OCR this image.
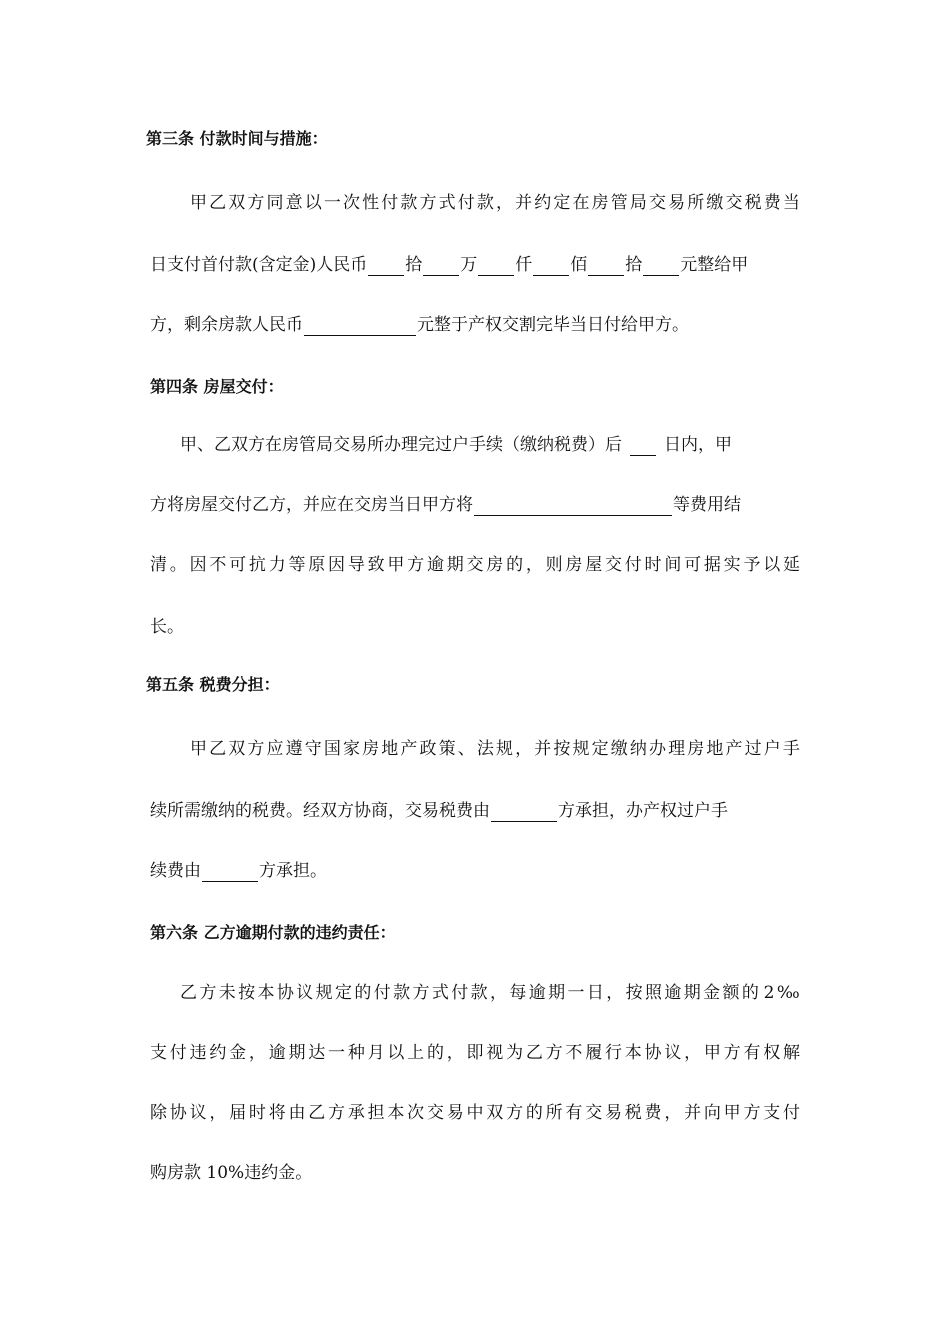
第三条 付款时间与措施：
甲 乙 双 方 同 意 以 一 次 性 付 款 方 式 付 款 ， 并 约 定 在 房 管 局 交 易 所 缴 交 税 费 当
日支付首付款(含定金)人民币 拾 万 仟 佰 拾 元整给甲
方，剩余房款人民币	元整于产权交割完毕当日付给甲方。
第四条 房屋交付：
甲、乙双方在房管局交易所办理完过户手续（缴纳税费）后 日内，甲
方将房屋交付乙方，并应在交房当日甲方将	等费用结
清 。 因 不 可 抗 力 等 原 因 导 致 甲 方 逾 期 交 房 的 ， 则 房 屋 交 付 时 间 可 据 实 予 以 延
长。
第五条 税费分担：
甲 乙 双 方 应 遵 守 国 家 房 地 产 政 策 、 法 规 ， 并 按 规 定 缴 纳 办 理 房 地 产 过 户 手
续所需缴纳的税费。经双方协商，交易税费由	方承担，办产权过户手
续费由	方承担。
第六条 乙方逾期付款的违约责任：
乙 方 未 按 本 协 议 规 定 的 付 款 方 式 付 款 ， 每 逾 期 一 日 ， 按 照 逾 期 金 额 的 2 ‰
支 付 违 约 金 ， 逾 期 达 一 种 月 以 上 的 ， 即 视 为 乙 方 不 履 行 本 协 议 ， 甲 方 有 权 解
除 协 议 ， 届 时 将 由 乙 方 承 担 本 次 交 易 中 双 方 的 所 有 交 易 税 费 ， 并 向 甲 方 支 付
购房款 10%违约金。
